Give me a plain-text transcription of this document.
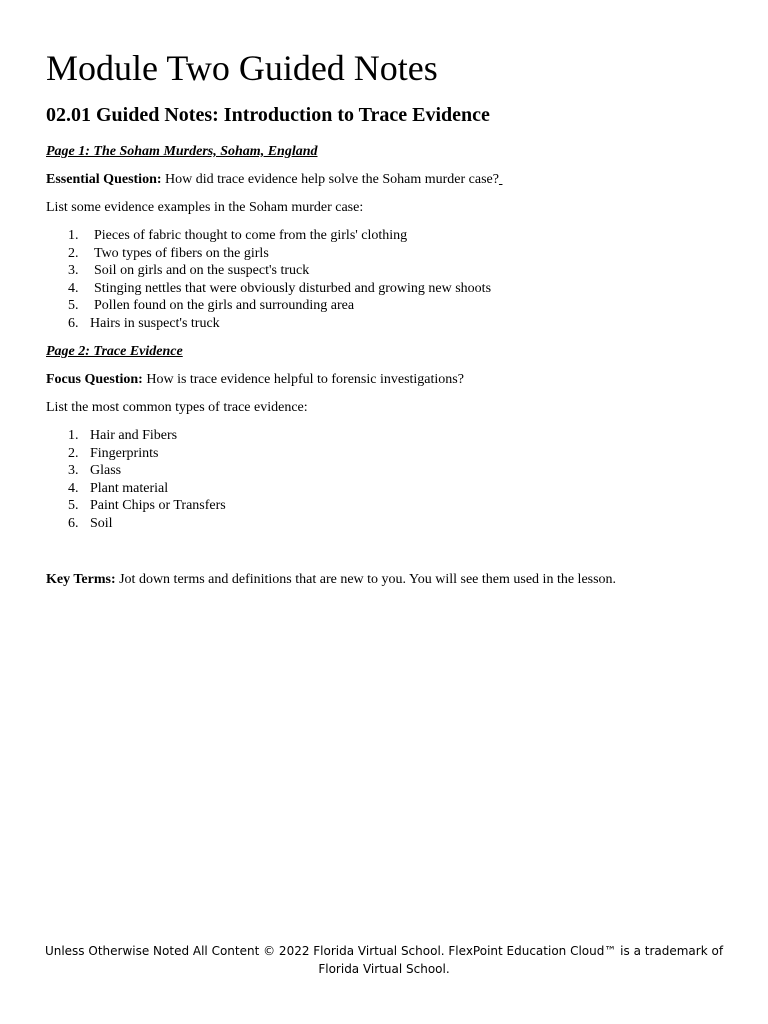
Module Two Guided Notes
02.01 Guided Notes: Introduction to Trace Evidence

Page 1: The Soham Murders, Soham, England

Essential Question: How did trace evidence help solve the Soham murder case?

List some evidence examples in the Soham murder case:

1. Pieces of fabric thought to come from the girls' clothing
2. Two types of fibers on the girls
3. Soil on girls and on the suspect's truck
4. Stinging nettles that were obviously disturbed and growing new shoots
5. Pollen found on the girls and surrounding area
6. Hairs in suspect's truck

Page 2: Trace Evidence

Focus Question: How is trace evidence helpful to forensic investigations?

List the most common types of trace evidence:

1. Hair and Fibers
2. Fingerprints
3. Glass
4. Plant material
5. Paint Chips or Transfers
6. Soil

Key Terms: Jot down terms and definitions that are new to you. You will see them used in the lesson.

Unless Otherwise Noted All Content © 2022 Florida Virtual School. FlexPoint Education Cloud™ is a trademark of Florida Virtual School.
